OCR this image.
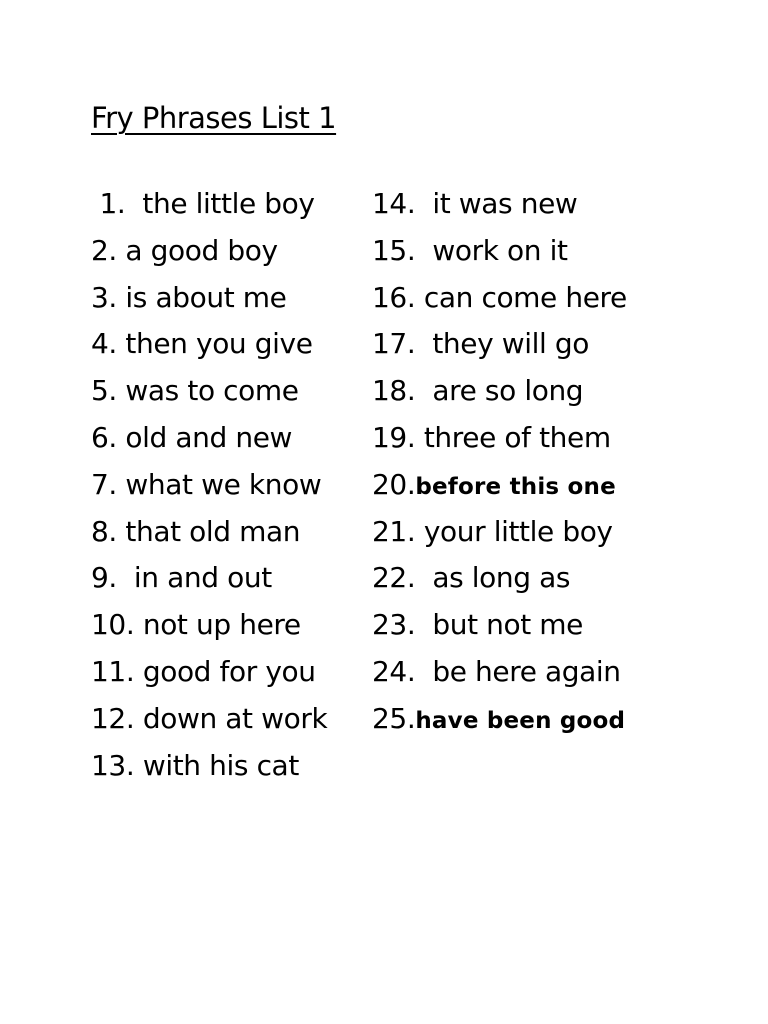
Fry Phrases List 1
1.  the little boy
2. a good boy
3. is about me
4. then you give
5. was to come
6. old and new
7. what we know
8. that old man
9.  in and out
10. not up here
11. good for you
12. down at work
13. with his cat
14.  it was new
15.  work on it
16. can come here
17.  they will go
18.  are so long
19. three of them
20.before this one
21. your little boy
22.  as long as
23.  but not me
24.  be here again
25.have been good
